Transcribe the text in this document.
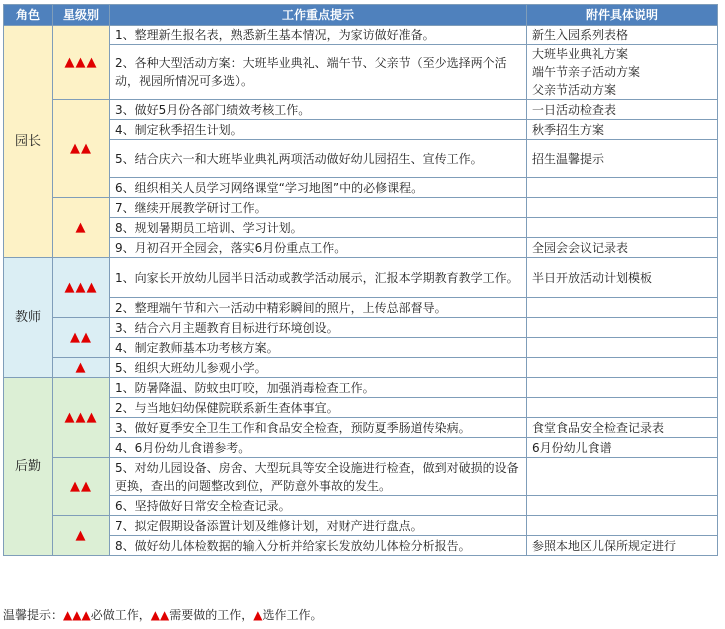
角色	星级别	工作重点提示	附件具体说明
园长	▲▲▲	1、整理新生报名表，熟悉新生基本情况，为家访做好准备。	新生入园系列表格
		2、各种大型活动方案：大班毕业典礼、端午节、父亲节（至少选择两个活动，视园所情况可多选）。	大班毕业典礼方案
端午节亲子活动方案
父亲节活动方案
	▲▲	3、做好5月份各部门绩效考核工作。	一日活动检查表
		4、制定秋季招生计划。	秋季招生方案
		5、结合庆六一和大班毕业典礼两项活动做好幼儿园招生、宣传工作。	招生温馨提示
		6、组织相关人员学习网络课堂“学习地图”中的必修课程。	
	▲	7、继续开展教学研讨工作。	
		8、规划暑期员工培训、学习计划。	
		9、月初召开全园会，落实6月份重点工作。	全园会会议记录表
教师	▲▲▲	1、向家长开放幼儿园半日活动或教学活动展示，汇报本学期教育教学工作。	半日开放活动计划模板
		2、整理端午节和六一活动中精彩瞬间的照片，上传总部督导。	
	▲▲	3、结合六月主题教育目标进行环境创设。	
		4、制定教师基本功考核方案。	
	▲	5、组织大班幼儿参观小学。	
后勤	▲▲▲	1、防暑降温、防蚊虫叮咬，加强消毒检查工作。	
		2、与当地妇幼保健院联系新生查体事宜。	
		3、做好夏季安全卫生工作和食品安全检查，预防夏季肠道传染病。	食堂食品安全检查记录表
		4、6月份幼儿食谱参考。	6月份幼儿食谱
	▲▲	5、对幼儿园设备、房舍、大型玩具等安全设施进行检查，做到对破损的设备更换，查出的问题整改到位，严防意外事故的发生。	
		6、坚持做好日常安全检查记录。	
	▲	7、拟定假期设备添置计划及维修计划，对财产进行盘点。	
		8、做好幼儿体检数据的输入分析并给家长发放幼儿体检分析报告。	参照本地区儿保所规定进行
温馨提示：▲▲▲必做工作，▲▲需要做的工作，▲选作工作。
